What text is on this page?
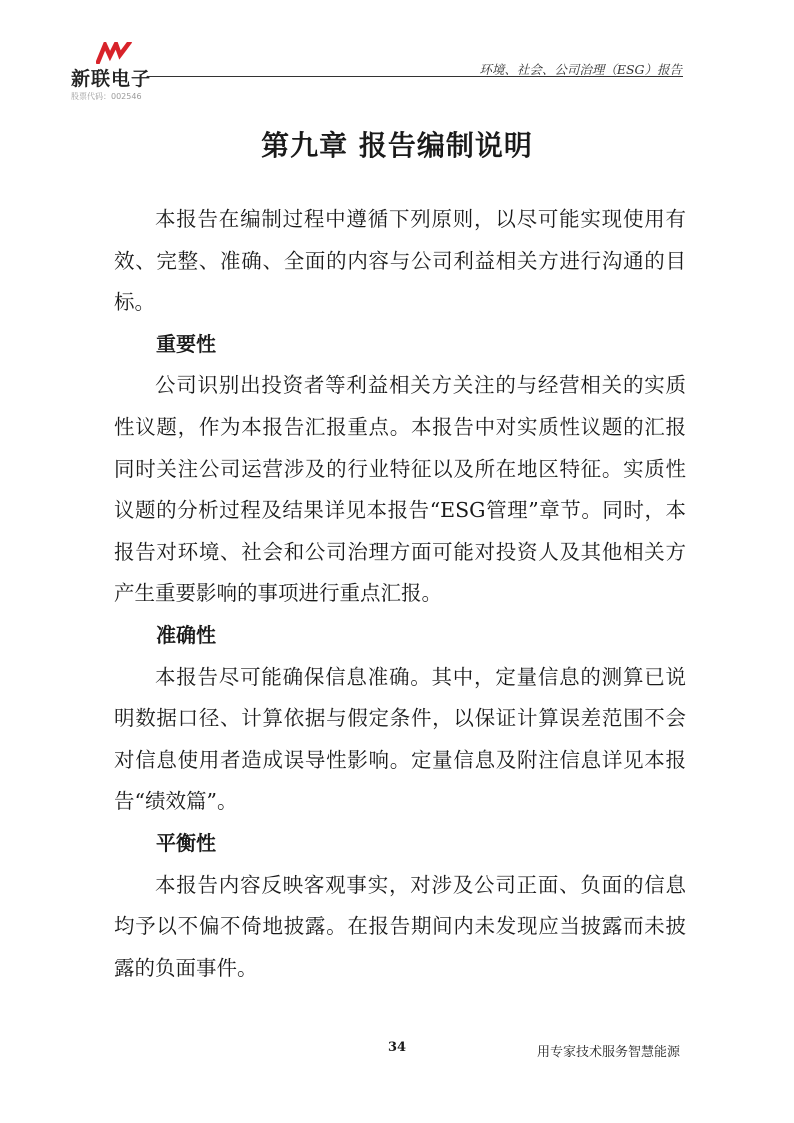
新联电子
股票代码：002546
环境、社会、公司治理（ESG）报告
第九章 报告编制说明

本报告在编制过程中遵循下列原则，以尽可能实现使用有效、完整、准确、全面的内容与公司利益相关方进行沟通的目标。

重要性

公司识别出投资者等利益相关方关注的与经营相关的实质性议题，作为本报告汇报重点。本报告中对实质性议题的汇报同时关注公司运营涉及的行业特征以及所在地区特征。实质性议题的分析过程及结果详见本报告“ESG管理”章节。同时，本报告对环境、社会和公司治理方面可能对投资人及其他相关方产生重要影响的事项进行重点汇报。

准确性

本报告尽可能确保信息准确。其中，定量信息的测算已说明数据口径、计算依据与假定条件，以保证计算误差范围不会对信息使用者造成误导性影响。定量信息及附注信息详见本报告“绩效篇”。

平衡性

本报告内容反映客观事实，对涉及公司正面、负面的信息均予以不偏不倚地披露。在报告期间内未发现应当披露而未披露的负面事件。

34	用专家技术服务智慧能源
